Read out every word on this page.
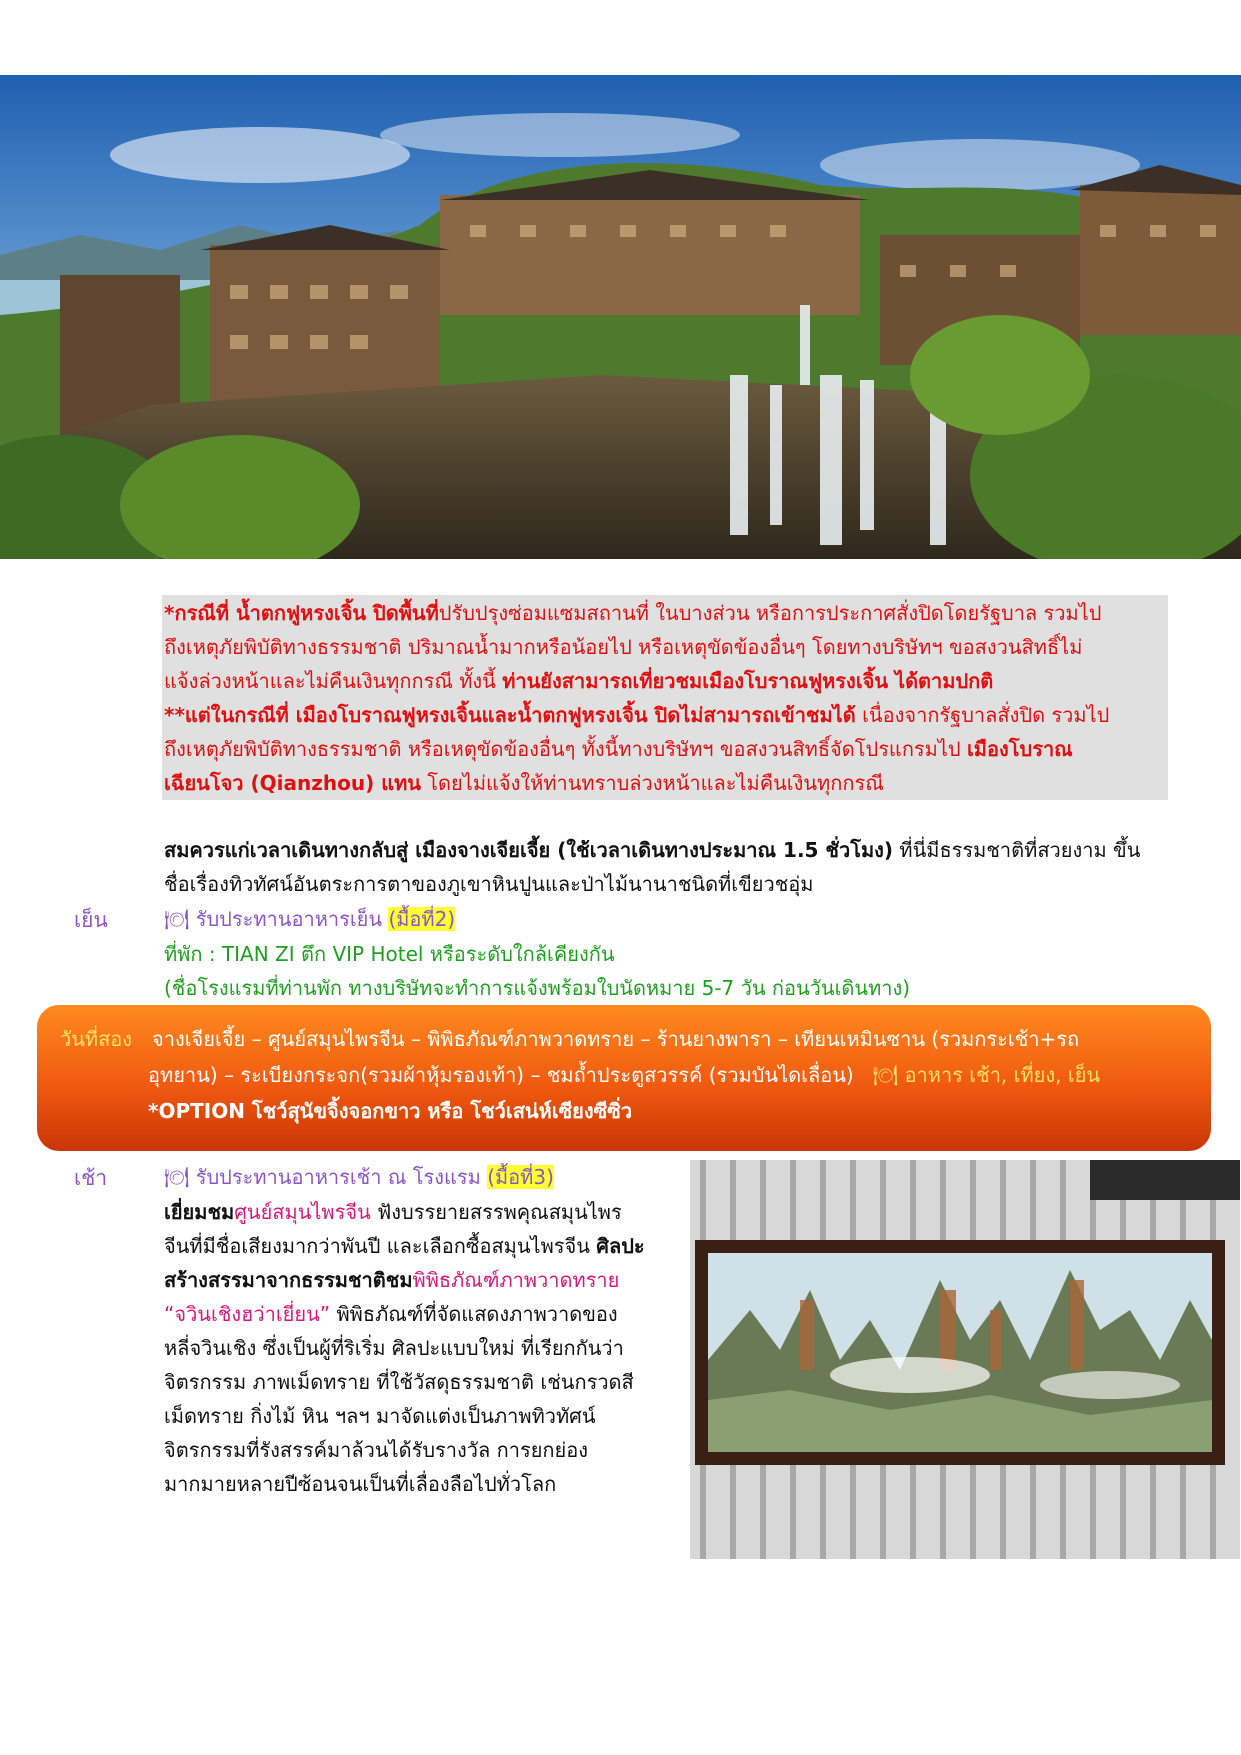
*กรณีที่ น้ำตกฟูหรงเจิ้น ปิดพื้นที่ปรับปรุงซ่อมแซมสถานที่ ในบางส่วน หรือการประกาศสั่งปิดโดยรัฐบาล รวมไป

ถึงเหตุภัยพิบัติทางธรรมชาติ ปริมาณน้ำมากหรือน้อยไป หรือเหตุขัดข้องอื่นๆ โดยทางบริษัทฯ ขอสงวนสิทธิ์ไม่

แจ้งล่วงหน้าและไม่คืนเงินทุกกรณี ทั้งนี้ ท่านยังสามารถเที่ยวชมเมืองโบราณฟูหรงเจิ้น ได้ตามปกติ

**แต่ในกรณีที่ เมืองโบราณฟูหรงเจิ้นและน้ำตกฟูหรงเจิ้น ปิดไม่สามารถเข้าชมได้ เนื่องจากรัฐบาลสั่งปิด รวมไป

ถึงเหตุภัยพิบัติทางธรรมชาติ หรือเหตุขัดข้องอื่นๆ ทั้งนี้ทางบริษัทฯ ขอสงวนสิทธิ์จัดโปรแกรมไป เมืองโบราณ

เฉียนโจว (Qianzhou) แทน โดยไม่แจ้งให้ท่านทราบล่วงหน้าและไม่คืนเงินทุกกรณี

สมควรแก่เวลาเดินทางกลับสู่ เมืองจางเจียเจี้ย (ใช้เวลาเดินทางประมาณ 1.5 ชั่วโมง) ที่นี่มีธรรมชาติที่สวยงาม ขึ้น

ชื่อเรื่องทิวทัศน์อันตระการตาของภูเขาหินปูนและป่าไม้นานาชนิดที่เขียวชอุ่ม

เย็น	🍽 รับประทานอาหารเย็น (มื้อที่2)

ที่พัก : TIAN ZI ตึก VIP Hotel หรือระดับใกล้เคียงกัน

(ชื่อโรงแรมที่ท่านพัก ทางบริษัทจะทำการแจ้งพร้อมใบนัดหมาย 5-7 วัน ก่อนวันเดินทาง)

วันที่สอง จางเจียเจี้ย – ศูนย์สมุนไพรจีน – พิพิธภัณฑ์ภาพวาดทราย – ร้านยางพารา – เทียนเหมินซาน (รวมกระเช้า+รถ

อุทยาน) – ระเบียงกระจก(รวมผ้าหุ้มรองเท้า) – ชมถ้ำประตูสวรรค์ (รวมบันไดเลื่อน) 🍽 อาหาร เช้า, เที่ยง, เย็น

*OPTION โชว์สุนัขจิ้งจอกขาว หรือ โชว์เสน่ห์เซียงซีซิ่ว

เช้า	🍽 รับประทานอาหารเช้า ณ โรงแรม (มื้อที่3)

เยี่ยมชมศูนย์สมุนไพรจีน ฟังบรรยายสรรพคุณสมุนไพร

จีนที่มีชื่อเสียงมากว่าพันปี และเลือกซื้อสมุนไพรจีน ศิลปะ

สร้างสรรมาจากธรรมชาติชมพิพิธภัณฑ์ภาพวาดทราย

“จวินเชิงฮว่าเยี่ยน” พิพิธภัณฑ์ที่จัดแสดงภาพวาดของ

หลี่จวินเชิง ซึ่งเป็นผู้ที่ริเริ่ม ศิลปะแบบใหม่ ที่เรียกกันว่า

จิตรกรรม ภาพเม็ดทราย ที่ใช้วัสดุธรรมชาติ เช่นกรวดสี

เม็ดทราย กิ่งไม้ หิน ฯลฯ มาจัดแต่งเป็นภาพทิวทัศน์

จิตรกรรมที่รังสรรค์มาล้วนได้รับรางวัล การยกย่อง

มากมายหลายปีซ้อนจนเป็นที่เลื่องลือไปทั่วโลก
